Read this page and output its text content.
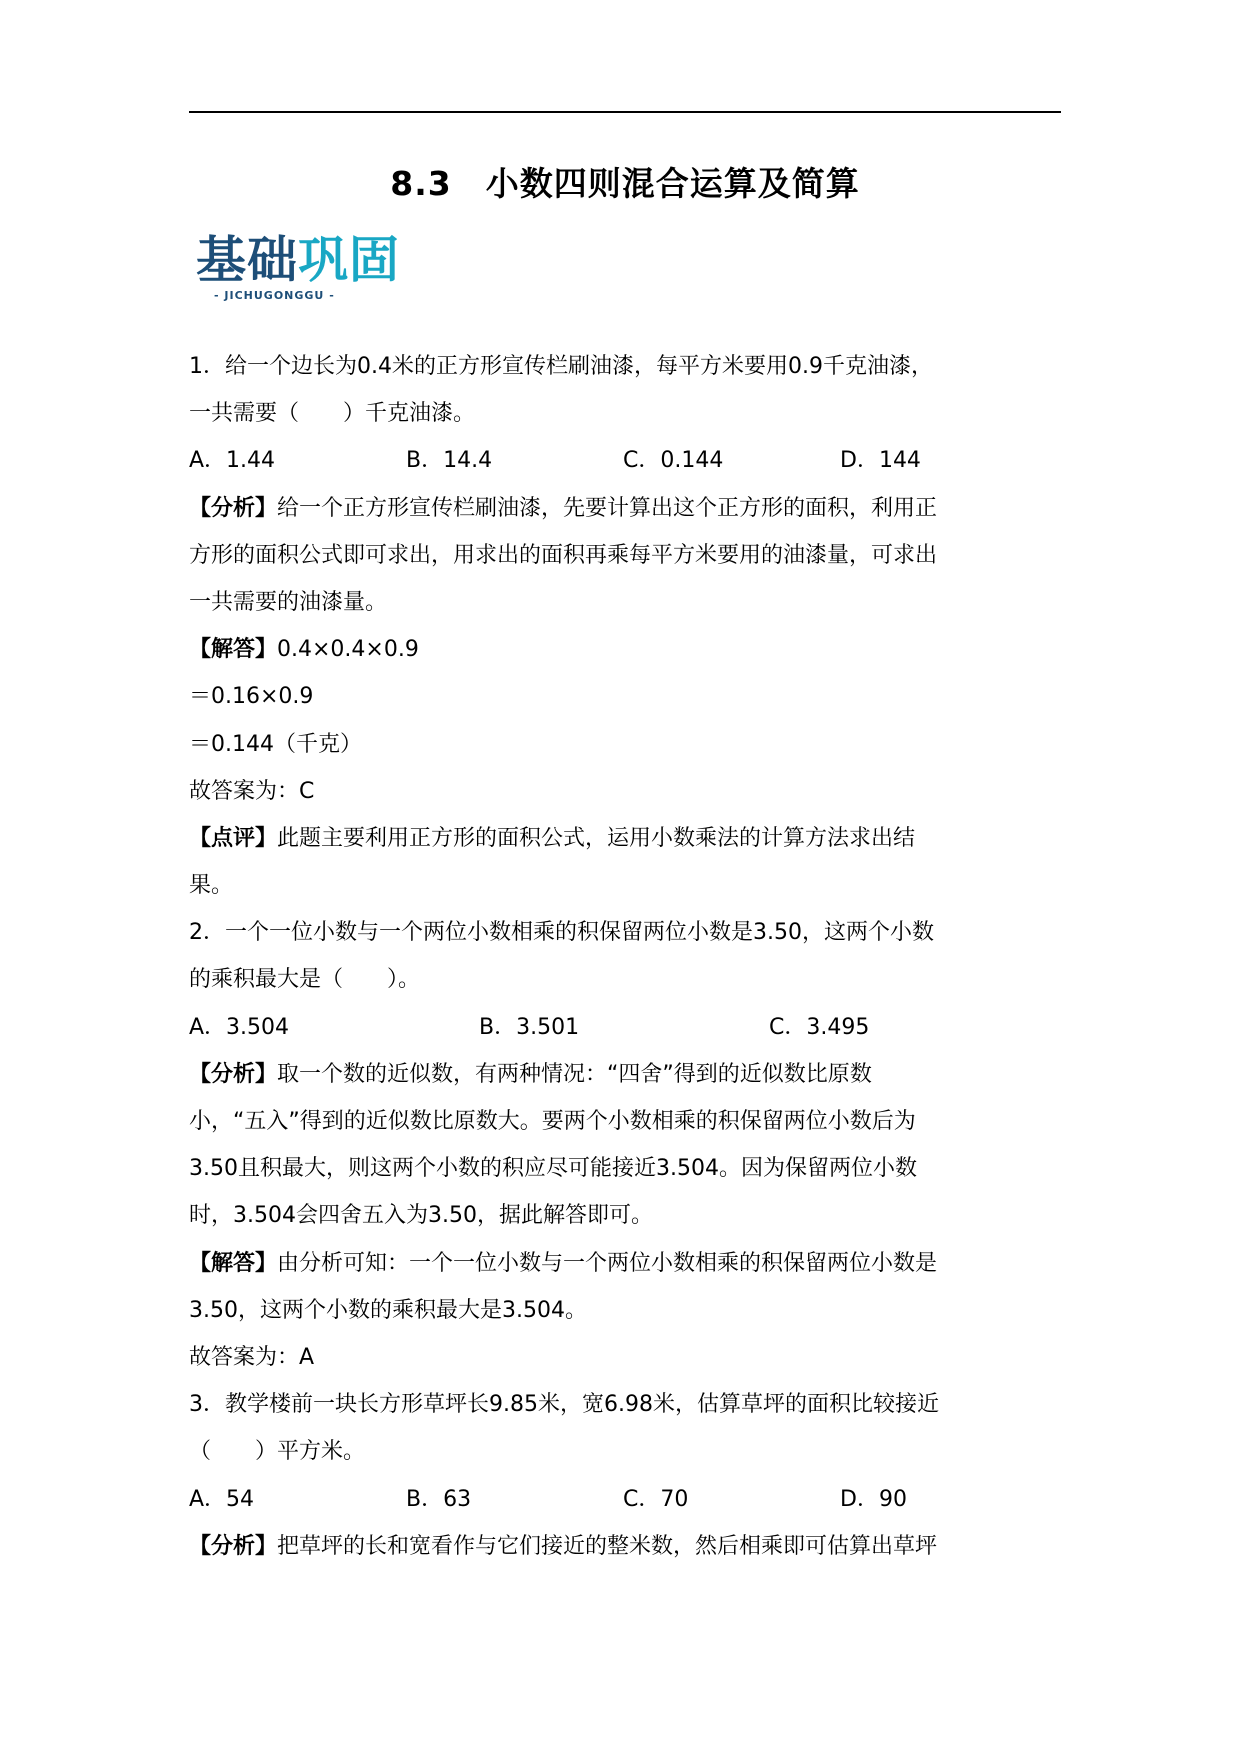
8.3　小数四则混合运算及简算
基础巩固
- JICHUGONGGU -
1．给一个边长为0.4米的正方形宣传栏刷油漆，每平方米要用0.9千克油漆，
一共需要（　　）千克油漆。
A．1.44	B．14.4	C．0.144	D．144
【分析】给一个正方形宣传栏刷油漆，先要计算出这个正方形的面积，利用正
方形的面积公式即可求出，用求出的面积再乘每平方米要用的油漆量，可求出
一共需要的油漆量。
【解答】0.4×0.4×0.9
＝0.16×0.9
＝0.144（千克）
故答案为：C
【点评】此题主要利用正方形的面积公式，运用小数乘法的计算方法求出结
果。
2．一个一位小数与一个两位小数相乘的积保留两位小数是3.50，这两个小数
的乘积最大是（　　）。
A．3.504	B．3.501	C．3.495
【分析】取一个数的近似数，有两种情况：“四舍”得到的近似数比原数
小，“五入”得到的近似数比原数大。要两个小数相乘的积保留两位小数后为
3.50且积最大，则这两个小数的积应尽可能接近3.504。因为保留两位小数
时，3.504会四舍五入为3.50，据此解答即可。
【解答】由分析可知：一个一位小数与一个两位小数相乘的积保留两位小数是
3.50，这两个小数的乘积最大是3.504。
故答案为：A
3．教学楼前一块长方形草坪长9.85米，宽6.98米，估算草坪的面积比较接近
（　　）平方米。
A．54	B．63	C．70	D．90
【分析】把草坪的长和宽看作与它们接近的整米数，然后相乘即可估算出草坪
